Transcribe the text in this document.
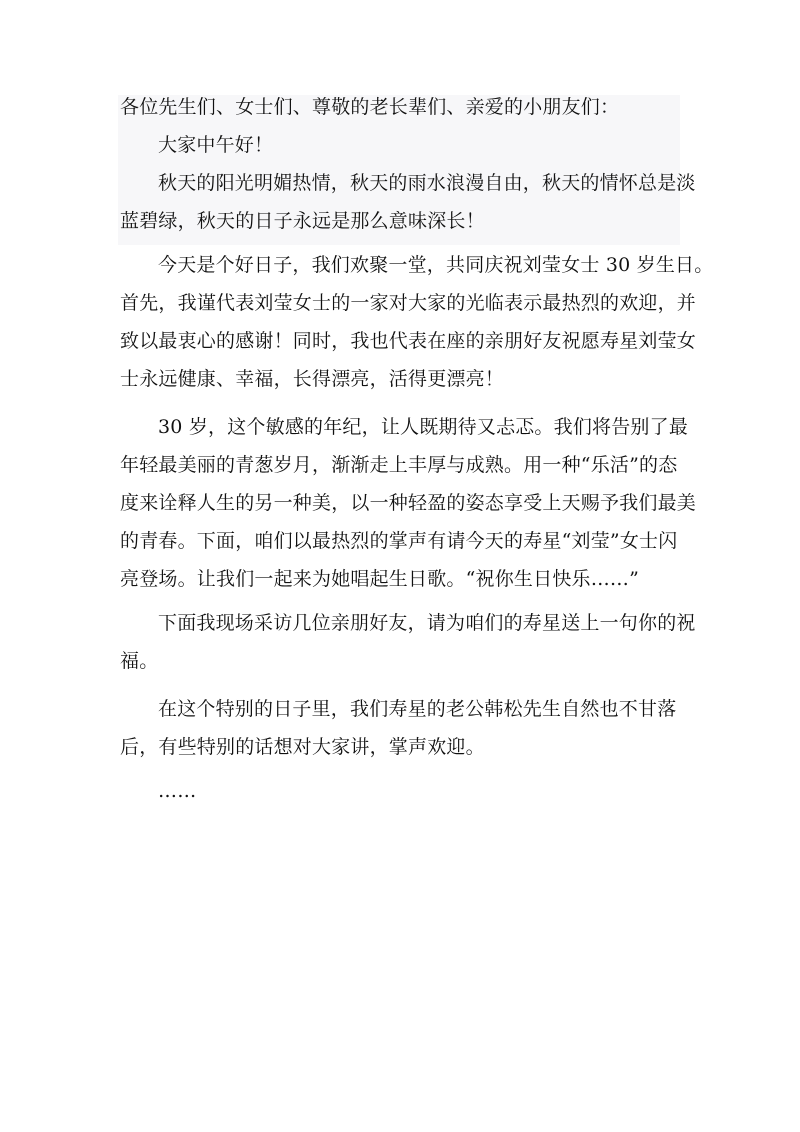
各位先生们、女士们、尊敬的老长辈们、亲爱的小朋友们：
大家中午好！
秋天的阳光明媚热情，秋天的雨水浪漫自由，秋天的情怀总是淡
蓝碧绿，秋天的日子永远是那么意味深长！
今天是个好日子，我们欢聚一堂，共同庆祝刘莹女士 30 岁生日。
首先，我谨代表刘莹女士的一家对大家的光临表示最热烈的欢迎，并
致以最衷心的感谢！同时，我也代表在座的亲朋好友祝愿寿星刘莹女
士永远健康、幸福，长得漂亮，活得更漂亮！
30 岁，这个敏感的年纪，让人既期待又忐忑。我们将告别了最
年轻最美丽的青葱岁月，渐渐走上丰厚与成熟。用一种“乐活”的态
度来诠释人生的另一种美，以一种轻盈的姿态享受上天赐予我们最美
的青春。下面，咱们以最热烈的掌声有请今天的寿星“刘莹”女士闪
亮登场。让我们一起来为她唱起生日歌。“祝你生日快乐……”
下面我现场采访几位亲朋好友，请为咱们的寿星送上一句你的祝
福。
在这个特别的日子里，我们寿星的老公韩松先生自然也不甘落
后，有些特别的话想对大家讲，掌声欢迎。
……
